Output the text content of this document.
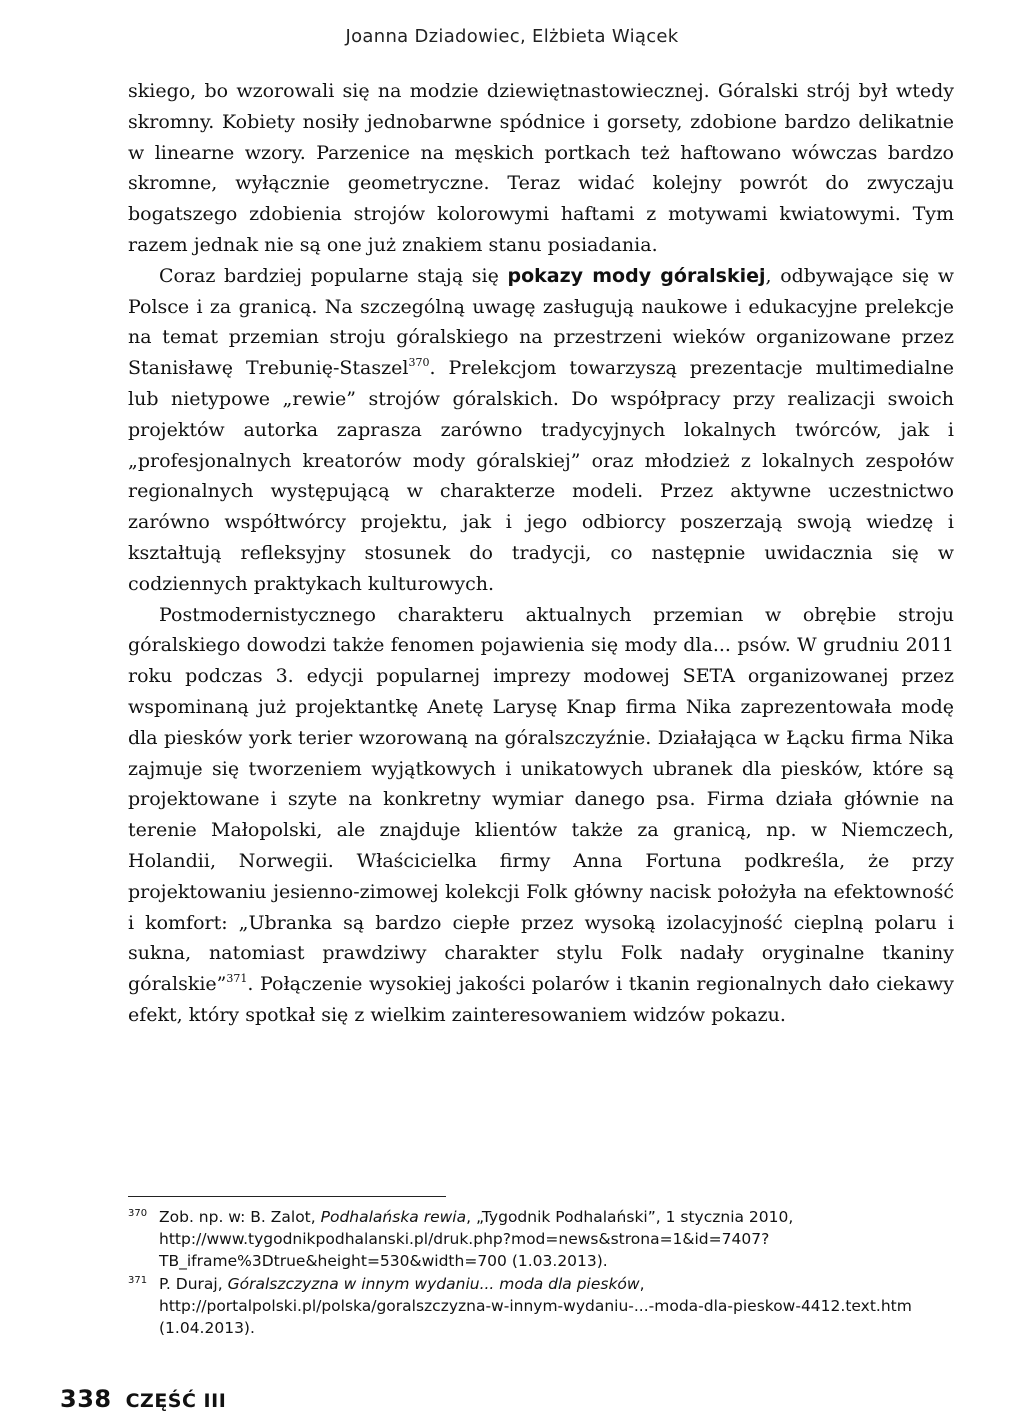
Joanna Dziadowiec, Elżbieta Wiącek

skiego, bo wzorowali się na modzie dziewiętnastowiecznej. Góralski strój był wtedy skromny. Kobiety nosiły jednobarwne spódnice i gorsety, zdobione bardzo delikatnie w linearne wzory. Parzenice na męskich portkach też haftowano wówczas bardzo skromne, wyłącznie geometryczne. Teraz widać kolejny powrót do zwyczaju bogatszego zdobienia strojów kolorowymi haftami z motywami kwiatowymi. Tym razem jednak nie są one już znakiem stanu posiadania.

Coraz bardziej popularne stają się pokazy mody góralskiej, odbywające się w Polsce i za granicą. Na szczególną uwagę zasługują naukowe i edukacyjne prelekcje na temat przemian stroju góralskiego na przestrzeni wieków organizowane przez Stanisławę Trebunię-Staszel$^{370}$. Prelekcjom towarzyszą prezentacje multimedialne lub nietypowe „rewie” strojów góralskich. Do współpracy przy realizacji swoich projektów autorka zaprasza zarówno tradycyjnych lokalnych twórców, jak i „profesjonalnych kreatorów mody góralskiej” oraz młodzież z lokalnych zespołów regionalnych występującą w charakterze modeli. Przez aktywne uczestnictwo zarówno współtwórcy projektu, jak i jego odbiorcy poszerzają swoją wiedzę i kształtują refleksyjny stosunek do tradycji, co następnie uwidacznia się w codziennych praktykach kulturowych.

Postmodernistycznego charakteru aktualnych przemian w obrębie stroju góralskiego dowodzi także fenomen pojawienia się mody dla... psów. W grudniu 2011 roku podczas 3. edycji popularnej imprezy modowej SETA organizowanej przez wspominaną już projektantkę Anetę Larysę Knap firma Nika zaprezentowała modę dla piesków york terier wzorowaną na góralszczyźnie. Działająca w Łącku firma Nika zajmuje się tworzeniem wyjątkowych i unikatowych ubranek dla piesków, które są projektowane i szyte na konkretny wymiar danego psa. Firma działa głównie na terenie Małopolski, ale znajduje klientów także za granicą, np. w Niemczech, Holandii, Norwegii. Właścicielka firmy Anna Fortuna podkreśla, że przy projektowaniu jesienno-zimowej kolekcji Folk główny nacisk położyła na efektowność i komfort: „Ubranka są bardzo ciepłe przez wysoką izolacyjność cieplną polaru i sukna, natomiast prawdziwy charakter stylu Folk nadały oryginalne tkaniny góralskie”$^{371}$. Połączenie wysokiej jakości polarów i tkanin regionalnych dało ciekawy efekt, który spotkał się z wielkim zainteresowaniem widzów pokazu.

370 Zob. np. w: B. Zalot, Podhalańska rewia, „Tygodnik Podhalański”, 1 stycznia 2010, http://www.tygodnikpodhalanski.pl/druk.php?mod=news&strona=1&id=7407?TB_iframe%3Dtrue&height=530&width=700 (1.03.2013).
371 P. Duraj, Góralszczyzna w innym wydaniu... moda dla piesków, http://portalpolski.pl/polska/goralszczyzna-w-innym-wydaniu-...-moda-dla-pieskow-4412.text.htm (1.04.2013).
338 CZĘŚĆ III
